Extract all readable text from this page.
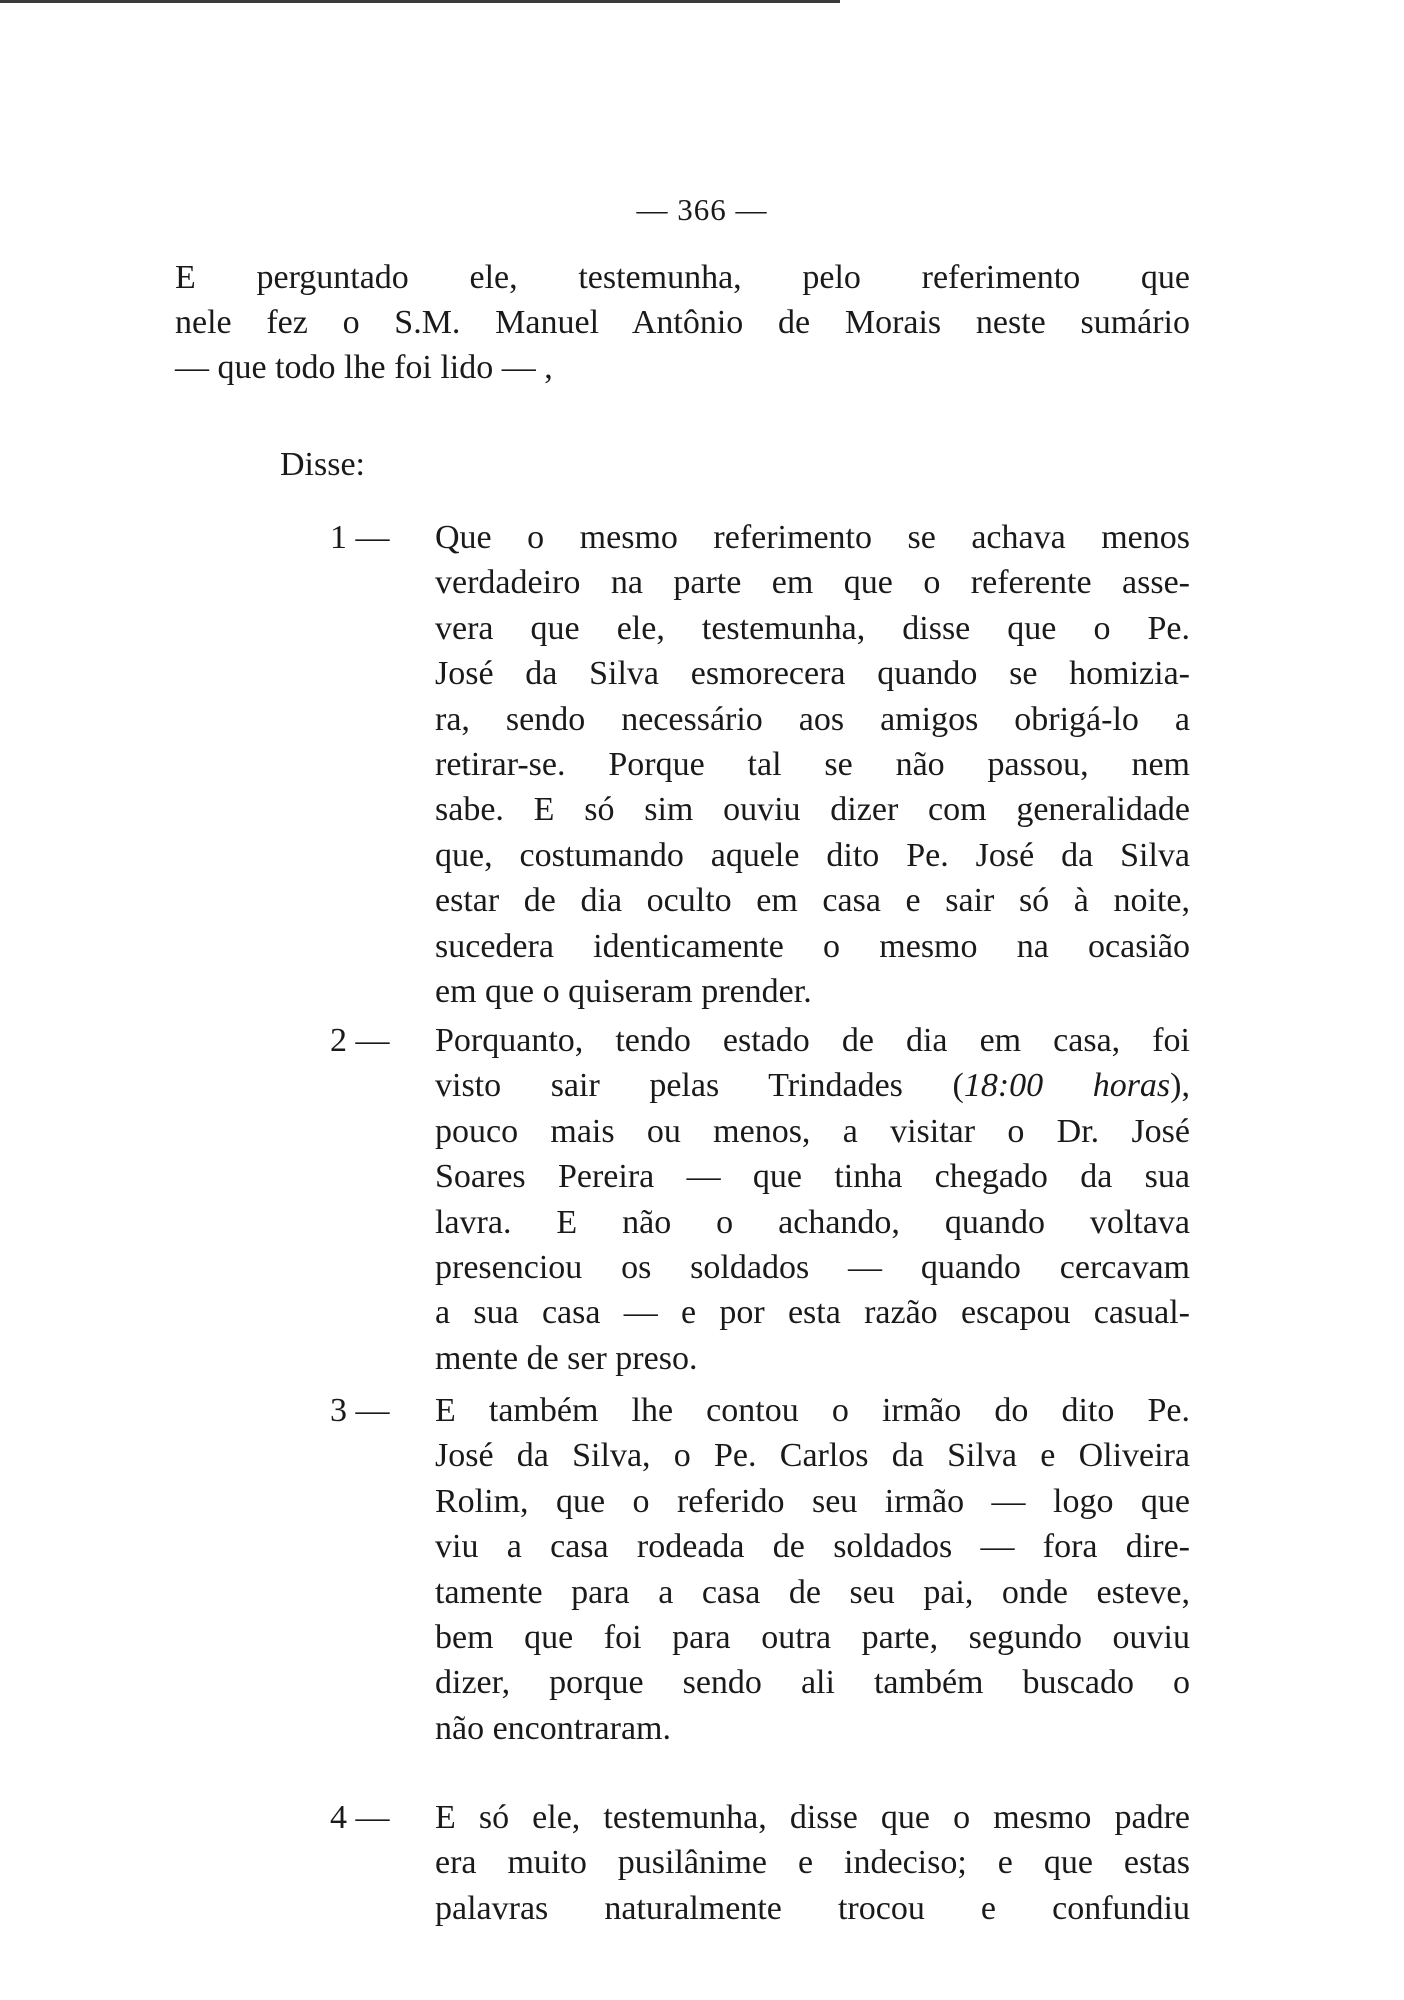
— 366 —
E perguntado ele, testemunha, pelo referimento que
nele fez o S.M. Manuel Antônio de Morais neste sumário
— que todo lhe foi lido — ,
Disse:
1 — Que o mesmo referimento se achava menos
verdadeiro na parte em que o referente asse-
vera que ele, testemunha, disse que o Pe.
José da Silva esmorecera quando se homizia-
ra, sendo necessário aos amigos obrigá-lo a
retirar-se. Porque tal se não passou, nem
sabe. E só sim ouviu dizer com generalidade
que, costumando aquele dito Pe. José da Silva
estar de dia oculto em casa e sair só à noite,
sucedera identicamente o mesmo na ocasião
em que o quiseram prender.
2 — Porquanto, tendo estado de dia em casa, foi
visto sair pelas Trindades (18:00 horas),
pouco mais ou menos, a visitar o Dr. José
Soares Pereira — que tinha chegado da sua
lavra. E não o achando, quando voltava
presenciou os soldados — quando cercavam
a sua casa — e por esta razão escapou casual-
mente de ser preso.
3 — E também lhe contou o irmão do dito Pe.
José da Silva, o Pe. Carlos da Silva e Oliveira
Rolim, que o referido seu irmão — logo que
viu a casa rodeada de soldados — fora dire-
tamente para a casa de seu pai, onde esteve,
bem que foi para outra parte, segundo ouviu
dizer, porque sendo ali também buscado o
não encontraram.
4 — E só ele, testemunha, disse que o mesmo padre
era muito pusilânime e indeciso; e que estas
palavras naturalmente trocou e confundiu
